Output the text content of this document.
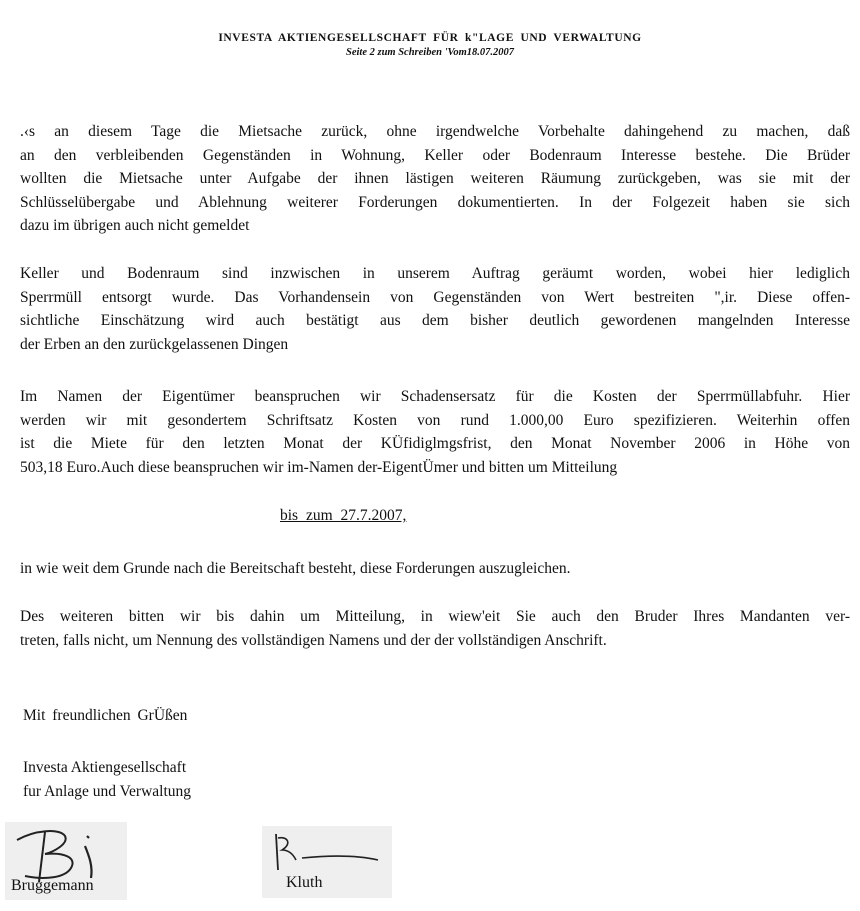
INVESTA AKTIENGESELLSCHAFT FÜR k"LAGE UND VERWALTUNG
Seite 2 zum Schreiben 'Vom18.07.2007
.‹s an diesem Tage die Mietsache zurück, ohne irgendwelche Vorbehalte dahingehend zu machen, daß
an den verbleibenden Gegenständen in Wohnung, Keller oder Bodenraum Interesse bestehe. Die Brüder
wollten die Mietsache unter Aufgabe der ihnen lästigen weiteren Räumung zurückgeben, was sie mit der
Schlüsselübergabe und Ablehnung weiterer Forderungen dokumentierten. In der Folgezeit haben sie sich
dazu im übrigen auch nicht gemeldet
Keller und Bodenraum sind inzwischen in unserem Auftrag geräumt worden, wobei hier lediglich
Sperrmüll entsorgt wurde. Das Vorhandensein von Gegenständen von Wert bestreiten ",ir. Diese offen-
sichtliche Einschätzung wird auch bestätigt aus dem bisher deutlich gewordenen mangelnden Interesse
der Erben an den zurückgelassenen Dingen
Im Namen der Eigentümer beanspruchen wir Schadensersatz für die Kosten der Sperrmüllabfuhr. Hier
werden wir mit gesondertem Schriftsatz Kosten von rund 1.000,00 Euro spezifizieren. Weiterhin offen
ist die Miete für den letzten Monat der KÜfidiglmgsfrist, den Monat November 2006 in Höhe von
503,18 Euro.Auch diese beanspruchen wir im-Namen der-EigentÜmer und bitten um Mitteilung
bis zum 27.7.2007,
in wie weit dem Grunde nach die Bereitschaft besteht, diese Forderungen auszugleichen.
Des weiteren bitten wir bis dahin um Mitteilung, in wiew'eit Sie auch den Bruder Ihres Mandanten ver-
treten, falls nicht, um Nennung des vollständigen Namens und der der vollständigen Anschrift.
Mit freundlichen GrÜßen
Investa Aktiengesellschaft
fur Anlage und Verwaltung
Bruggemann	Kluth
